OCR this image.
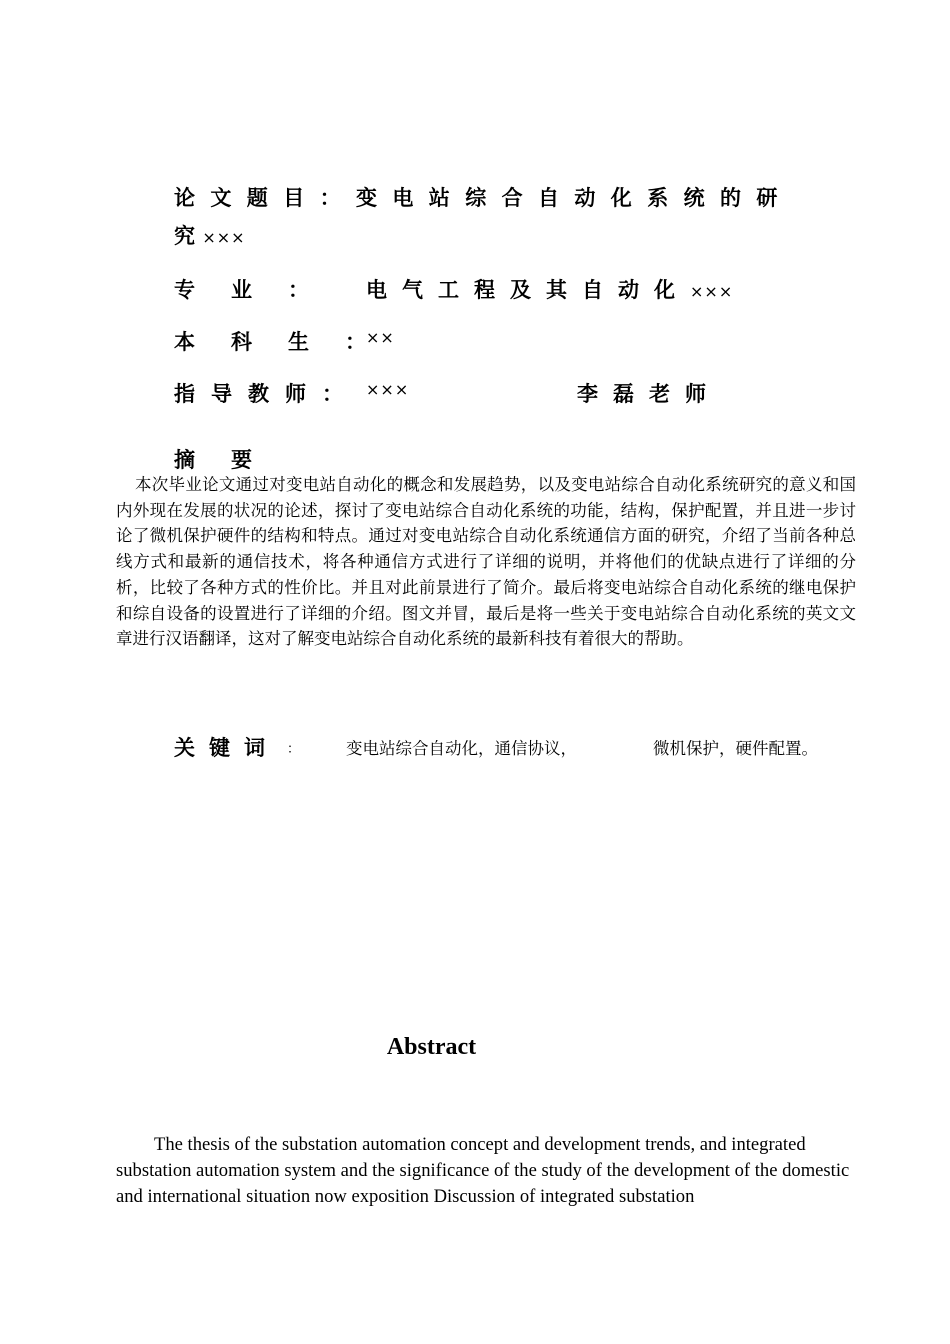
论文题目：变电站综合自动化系统的研
究 ×××
专 业 ：	电气工程及其自动化×××
本 科 生 ： ××
指导教师： ×××	李磊老师
摘 要
本次毕业论文通过对变电站自动化的概念和发展趋势，以及变电站综合自动化系统研究的意义和国内外现在发展的状况的论述，探讨了变电站综合自动化系统的功能，结构，保护配置，并且进一步讨论了微机保护硬件的结构和特点。通过对变电站综合自动化系统通信方面的研究，介绍了当前各种总线方式和最新的通信技术，将各种通信方式进行了详细的说明，并将他们的优缺点进行了详细的分析，比较了各种方式的性价比。并且对此前景进行了简介。最后将变电站综合自动化系统的继电保护和综自设备的设置进行了详细的介绍。图文并冒，最后是将一些关于变电站综合自动化系统的英文文章进行汉语翻译，这对了解变电站综合自动化系统的最新科技有着很大的帮助。
关键词 ：	变电站综合自动化，通信协议，	微机保护，硬件配置。
Abstract
The thesis of the substation automation concept and development trends, and integrated substation automation system and the significance of the study of the development of the domestic and international situation now exposition Discussion of integrated substation
